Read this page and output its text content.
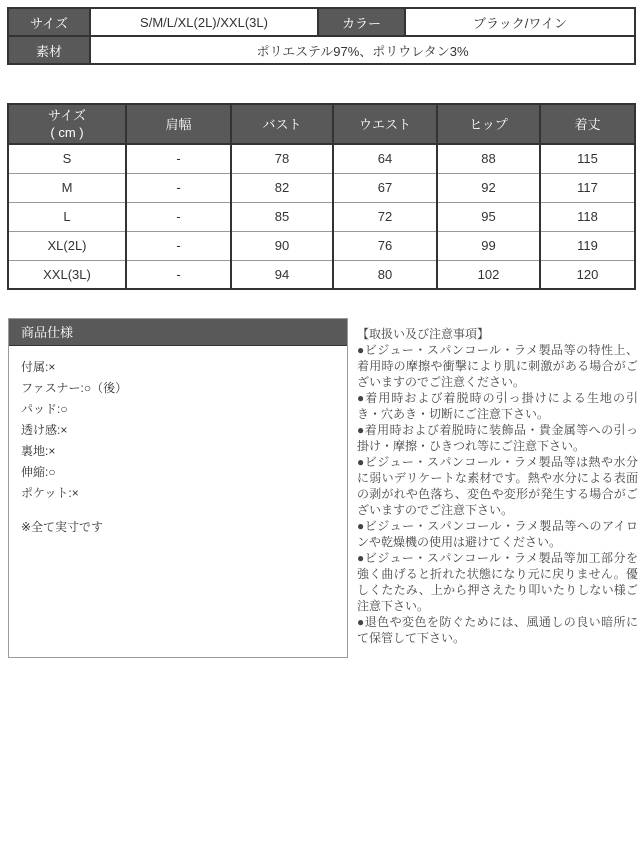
サイズ	S/M/L/XL(2L)/XXL(3L)	カラー	ブラック/ワイン
素材	ポリエステル97%、ポリウレタン3%		
サイズ
( cm )	肩幅	バスト	ウエスト	ヒップ	着丈
S	-	78	64	88	115
M	-	82	67	92	117
L	-	85	72	95	118
XL(2L)	-	90	76	99	119
XXL(3L)	-	94	80	102	120
商品仕様

付属:×

ファスナー:○（後）

パッド:○

透け感:×

裏地:×

伸縮:○

ポケット:×

※全て実寸です

【取扱い及び注意事項】

●ビジュー・スパンコール・ラメ製品等の特性上、着用時の摩擦や衝撃により肌に刺激がある場合がございますのでご注意ください。

●着用時および着脱時の引っ掛けによる生地の引き・穴あき・切断にご注意下さい。

●着用時および着脱時に装飾品・貴金属等への引っ掛け・摩擦・ひきつれ等にご注意下さい。

●ビジュー・スパンコール・ラメ製品等は熱や水分に弱いデリケートな素材です。熱や水分による表面の剥がれや色落ち、変色や変形が発生する場合がございますのでご注意下さい。

●ビジュー・スパンコール・ラメ製品等へのアイロンや乾燥機の使用は避けてください。

●ビジュー・スパンコール・ラメ製品等加工部分を強く曲げると折れた状態になり元に戻りません。優しくたたみ、上から押さえたり叩いたりしない様ご注意下さい。

●退色や変色を防ぐためには、風通しの良い暗所にて保管して下さい。
